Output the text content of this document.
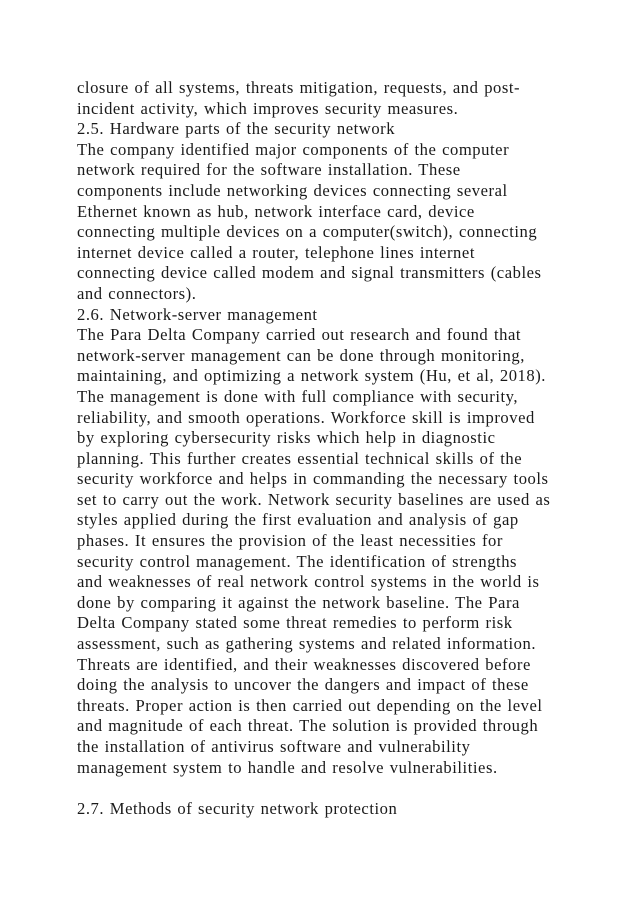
closure of all systems, threats mitigation, requests, and post-
incident activity, which improves security measures.
2.5. Hardware parts of the security network
The company identified major components of the computer
network required for the software installation. These
components include networking devices connecting several
Ethernet known as hub, network interface card, device
connecting multiple devices on a computer(switch), connecting
internet device called a router, telephone lines internet
connecting device called modem and signal transmitters (cables
and connectors).
2.6. Network-server management
The Para Delta Company carried out research and found that
network-server management can be done through monitoring,
maintaining, and optimizing a network system (Hu, et al, 2018).
The management is done with full compliance with security,
reliability, and smooth operations. Workforce skill is improved
by exploring cybersecurity risks which help in diagnostic
planning. This further creates essential technical skills of the
security workforce and helps in commanding the necessary tools
set to carry out the work. Network security baselines are used as
styles applied during the first evaluation and analysis of gap
phases. It ensures the provision of the least necessities for
security control management. The identification of strengths
and weaknesses of real network control systems in the world is
done by comparing it against the network baseline. The Para
Delta Company stated some threat remedies to perform risk
assessment, such as gathering systems and related information.
Threats are identified, and their weaknesses discovered before
doing the analysis to uncover the dangers and impact of these
threats. Proper action is then carried out depending on the level
and magnitude of each threat. The solution is provided through
the installation of antivirus software and vulnerability
management system to handle and resolve vulnerabilities.
2.7. Methods of security network protection
